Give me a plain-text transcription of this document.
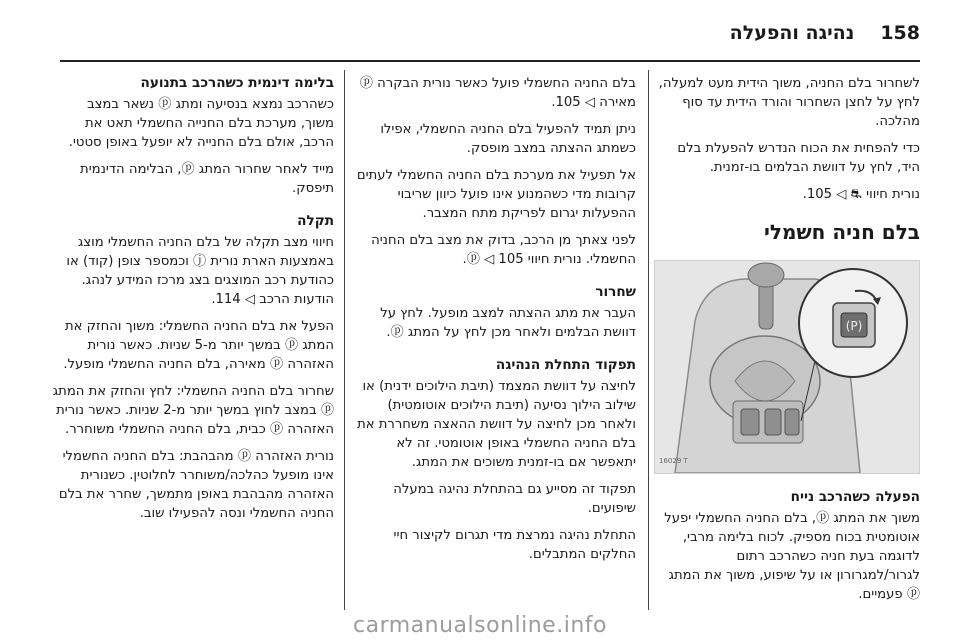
158
נהיגה והפעלה

לשחרור בלם החניה, משוך הידית מעט למעלה, לחץ על לחצן השחרור והורד הידית עד סוף מהלכה.

כדי להפחית את הכוח הנדרש להפעלת בלם היד, לחץ על דוושת הבלמים בו-זמנית.

נורית חיווי ⛐ ◁ 105.

בלם חניה חשמלי
(P)
16029 T
הפעלה כשהרכב נייח

משוך את המתג ⓟ, בלם החניה החשמלי יפעל אוטומטית בכוח מספיק. לכוח בלימה מרבי, לדוגמה בעת חניה כשהרכב רתום לגרור/למגרורון או על שיפוע, משוך את המתג ⓟ פעמיים.

בלם החניה החשמלי פועל כאשר נורית הבקרה ⓟ מאירה ◁ 105.

ניתן תמיד להפעיל בלם החניה החשמלי, אפילו כשמתג ההצתה במצב מופסק.

אל תפעיל את מערכת בלם החניה החשמלי לעתים קרובות מדי כשהמנוע אינו פועל כיוון שריבוי ההפעלות יגרום לפריקת מתח המצבר.

לפני צאתך מן הרכב, בדוק את מצב בלם החניה החשמלי. נורית חיווי ⓟ ◁ 105.

שחרור

העבר את מתג ההצתה למצב מופעל. לחץ על דוושת הבלמים ולאחר מכן לחץ על המתג ⓟ.

תפקוד התחלת הנהיגה

לחיצה על דוושת המצמד (תיבת הילוכים ידנית) או שילוב הילוך נסיעה (תיבת הילוכים אוטומטית) ולאחר מכן לחיצה על דוושת ההאצה משחררת את בלם החניה החשמלי באופן אוטומטי. זה לא יתאפשר אם בו-זמנית משוכים את המתג.

תפקוד זה מסייע גם בהתחלת נהיגה במעלה שיפועים.

התחלת נהיגה נמרצת מדי תגרום לקיצור חיי החלקים המתבלים.

בלימה דינמית כשהרכב בתנועה

כשהרכב נמצא בנסיעה ומתג ⓟ נשאר במצב משוך, מערכת בלם החנייה החשמלי תאט את הרכב, אולם בלם החנייה לא יופעל באופן סטטי.

מייד לאחר שחרור המתג ⓟ, הבלימה הדינמית תיפסק.

תקלה

חיווי מצב תקלה של בלם החניה החשמלי מוצג באמצעות הארת נורית ⓙ וכמספר צופן (קוד) או כהודעת רכב המוצגים בצג מרכז המידע לנהג. הודעות הרכב ◁ 114.

הפעל את בלם החניה החשמלי: משוך והחזק את המתג ⓟ במשך יותר מ-5 שניות. כאשר נורית האזהרה ⓟ מאירה, בלם החניה החשמלי מופעל.

שחרור בלם החניה החשמלי: לחץ והחזק את המתג ⓟ במצב לחוץ במשך יותר מ-2 שניות. כאשר נורית האזהרה ⓟ כבית, בלם החניה החשמלי משוחרר.

נורית האזהרה ⓟ מהבהבת: בלם החניה החשמלי אינו מופעל כהלכה/משוחרר לחלוטין. כשנורית האזהרה מהבהבת באופן מתמשך, שחרר את בלם החניה החשמלי ונסה להפעילו שוב.

carmanualsonline.info
